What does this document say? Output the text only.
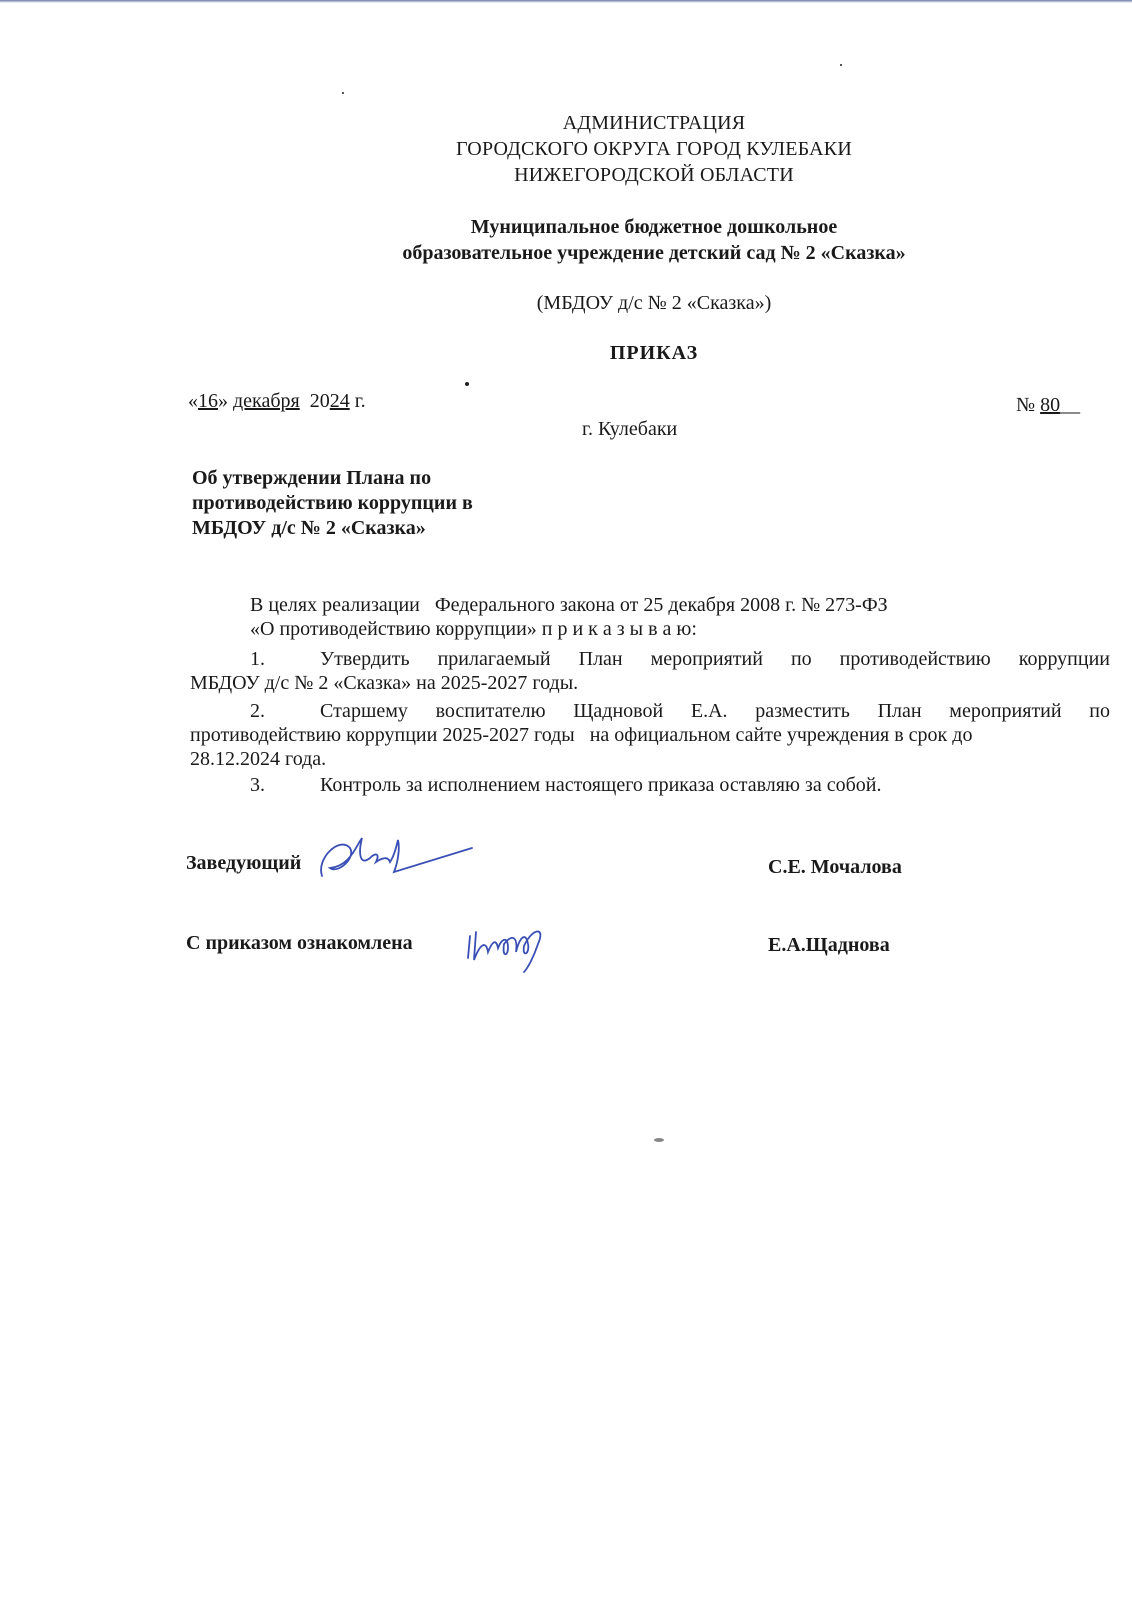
АДМИНИСТРАЦИЯ
ГОРОДСКОГО ОКРУГА ГОРОД КУЛЕБАКИ
НИЖЕГОРОДСКОЙ ОБЛАСТИ
Муниципальное бюджетное дошкольное
образовательное учреждение детский сад № 2 «Сказка»
(МБДОУ д/с № 2 «Сказка»)
ПРИКАЗ
«16» декабря  2024 г.	№ 80__
г. Кулебаки
Об утверждении Плана по
противодействию коррупции в
МБДОУ д/с № 2 «Сказка»
В целях реализации   Федерального закона от 25 декабря 2008 г. № 273-ФЗ
«О противодействию коррупции» п р и к а з ы в а ю:
1.	Утвердить прилагаемый План мероприятий по противодействию коррупции
МБДОУ д/с № 2 «Сказка» на 2025-2027 годы.
2.	Старшему воспитателю Щадновой Е.А. разместить План мероприятий по
противодействию коррупции 2025-2027 годы   на официальном сайте учреждения в срок до
28.12.2024 года.
3.	Контроль за исполнением настоящего приказа оставляю за собой.
Заведующий	С.Е. Мочалова
С приказом ознакомлена	Е.А.Щаднова
